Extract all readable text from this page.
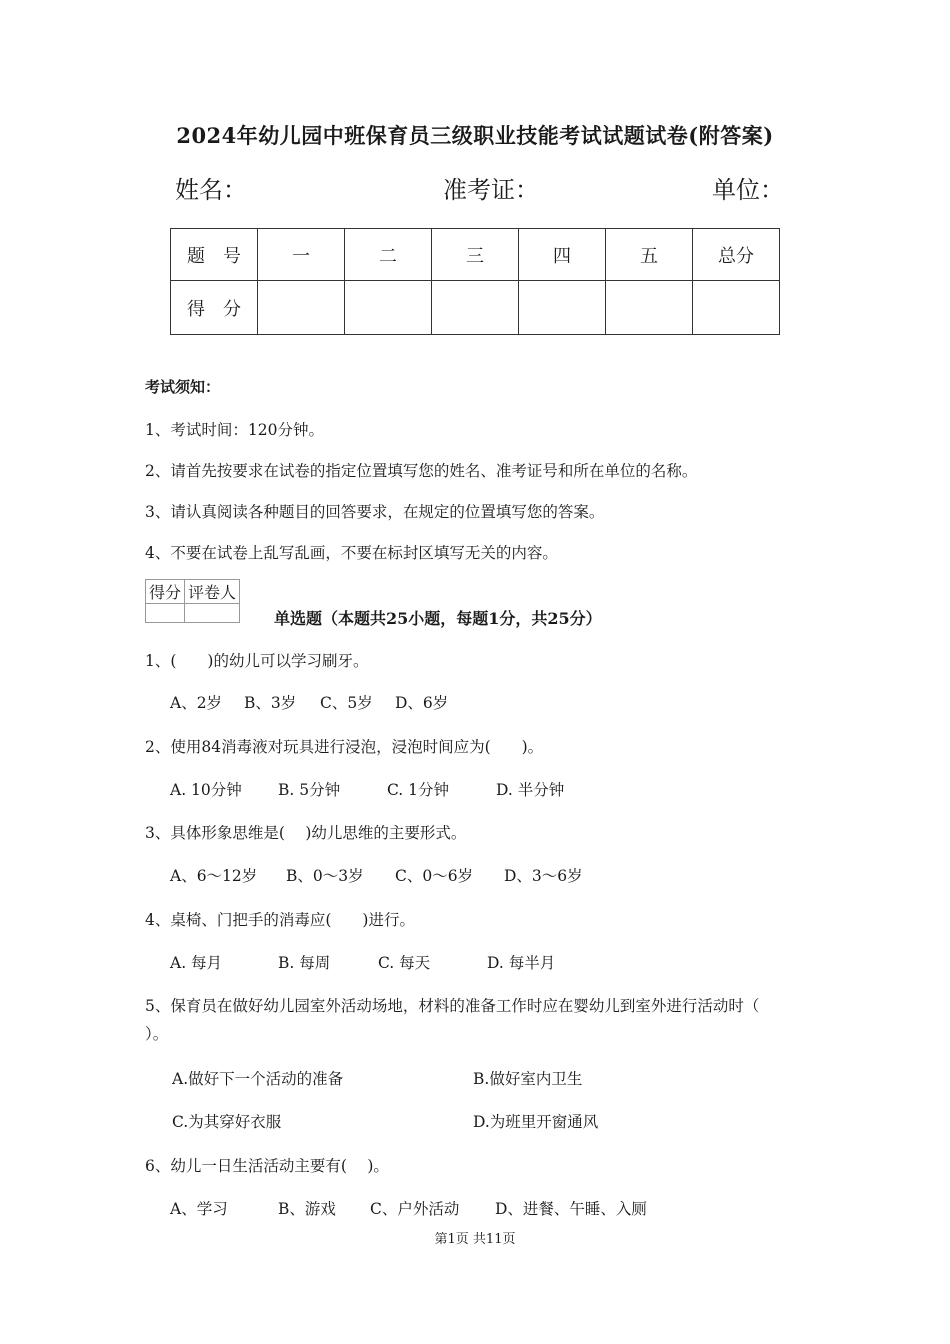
2024年幼儿园中班保育员三级职业技能考试试题试卷(附答案)
姓名：	准考证：	单位：
题　号	一	二	三	四	五	总分
得　分						
考试须知：
1、考试时间：120分钟。
2、请首先按要求在试卷的指定位置填写您的姓名、准考证号和所在单位的名称。
3、请认真阅读各种题目的回答要求，在规定的位置填写您的答案。
4、不要在试卷上乱写乱画，不要在标封区填写无关的内容。
得分	评卷人

单选题（本题共25小题，每题1分，共25分）
1、(　　)的幼儿可以学习刷牙。
A、2岁 B、3岁 C、5岁 D、6岁
2、使用84消毒液对玩具进行浸泡，浸泡时间应为(　　)。
A. 10分钟 B. 5分钟	C. 1分钟	D. 半分钟
3、具体形象思维是(　 )幼儿思维的主要形式。
A、6～12岁 B、0～3岁 C、0～6岁 D、3～6岁
4、桌椅、门把手的消毒应(　　)进行。
A. 每月	B. 每周	C. 每天	D. 每半月
5、保育员在做好幼儿园室外活动场地，材料的准备工作时应在婴幼儿到室外进行活动时（
）。
A.做好下一个活动的准备	B.做好室内卫生
C.为其穿好衣服	D.为班里开窗通风
6、幼儿一日生活活动主要有(　 )。
A、学习	B、游戏 C、户外活动 D、进餐、午睡、入厕
第1页 共11页
